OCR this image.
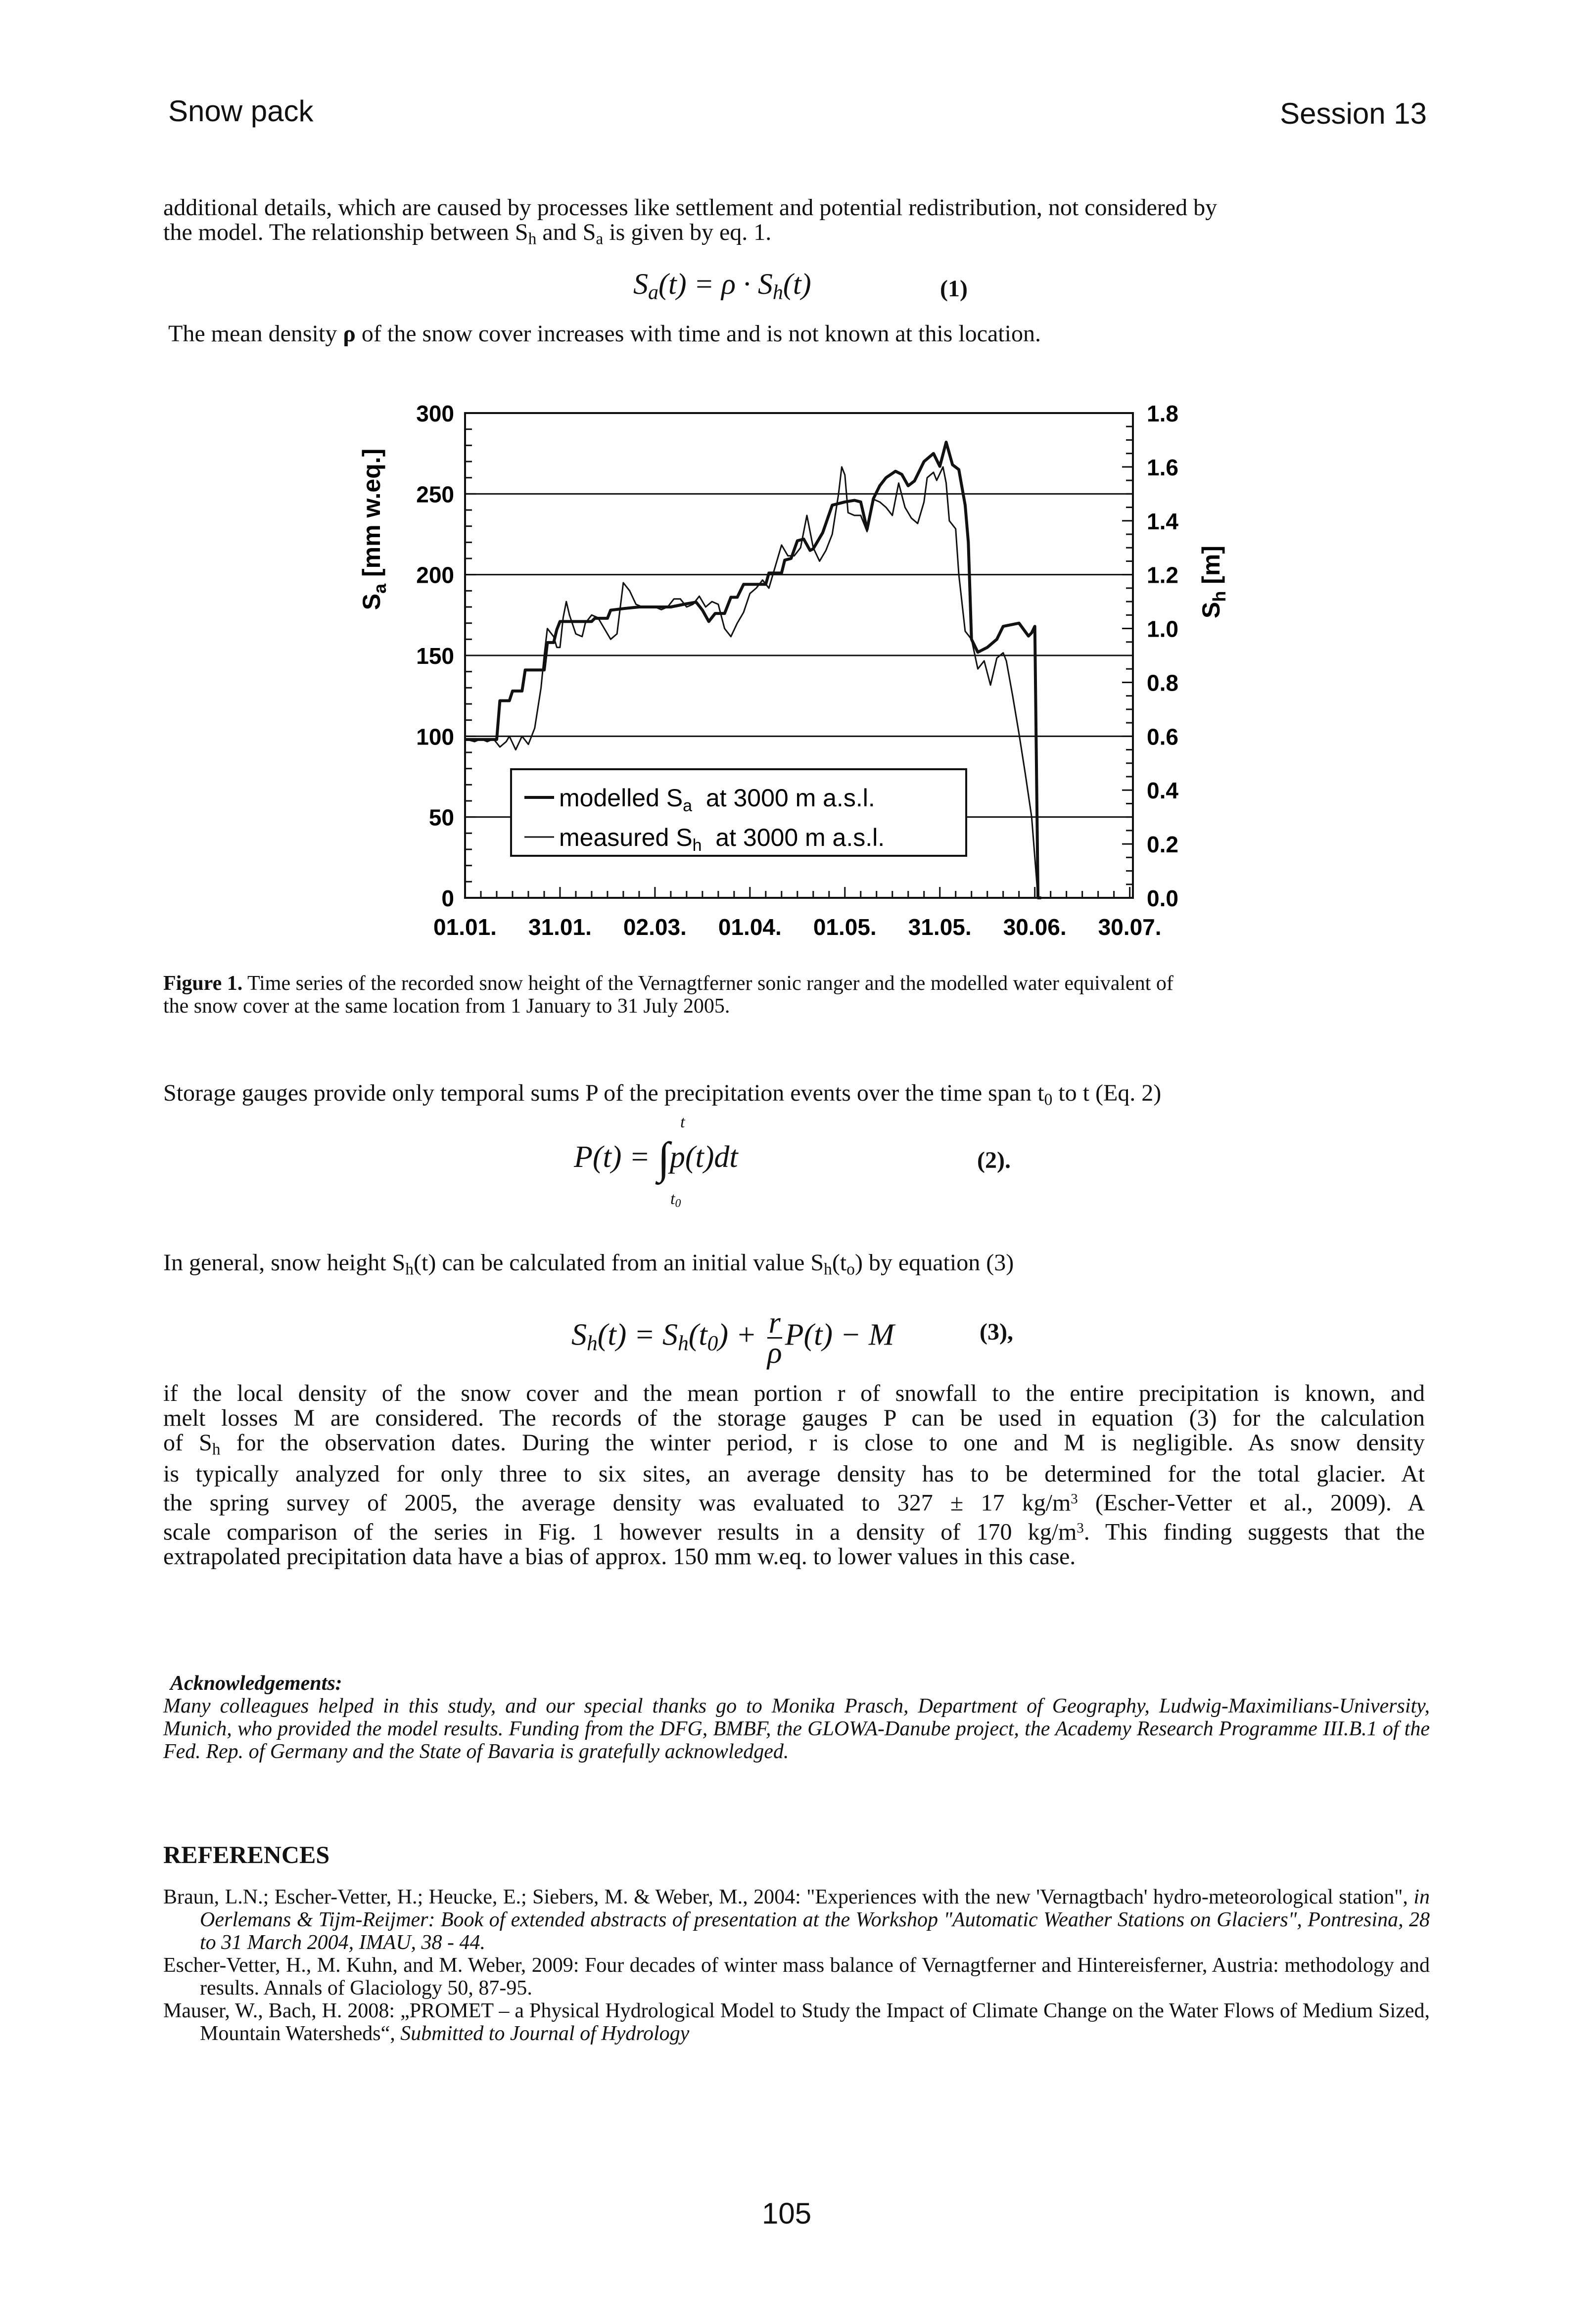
Snow pack	Session 13
additional details, which are caused by processes like settlement and potential redistribution, not considered by
the model. The relationship between $S_h$ and $S_a$ is given by eq. 1.
$S_a(t) = \rho \cdot S_h(t)$	(1)
The mean density ρ of the snow cover increases with time and is not known at this location.
0
50
100
150
200
250
300
0.0
0.2
0.4
0.6
0.8
1.0
1.2
1.4
1.6
1.8
01.01. 31.01. 02.03. 01.04. 01.05. 31.05. 30.06. 30.07.
$S_a$ [mm w.eq.]
$S_h$ [m]
modelled $S_a$  at 3000 m a.s.l.
measured $S_h$  at 3000 m a.s.l.
Figure 1. Time series of the recorded snow height of the Vernagtferner sonic ranger and the modelled water equivalent of
the snow cover at the same location from 1 January to 31 July 2005.
Storage gauges provide only temporal sums P of the precipitation events over the time span $t_0$ to t (Eq. 2)
P(t) = ∫p(t)dt
t
$t_0$
(2).
In general, snow height $S_h(t)$ can be calculated from an initial value $S_h(t_o)$ by equation (3)
$S_h(t) = S_h(t_0) + \frac{r}{\rho} P(t) - M$	(3),
if the local density of the snow cover and the mean portion r of snowfall to the entire precipitation is known, and
melt losses M are considered. The records of the storage gauges P can be used in equation (3) for the calculation
of $S_h$ for the observation dates. During the winter period, r is close to one and M is negligible. As snow density
is typically analyzed for only three to six sites, an average density has to be determined for the total glacier. At
the spring survey of 2005, the average density was evaluated to 327 ± 17 $kg/m^3$ (Escher-Vetter et al., 2009). A
scale comparison of the series in Fig. 1 however results in a density of 170 $kg/m^3$. This finding suggests that the
extrapolated precipitation data have a bias of approx. 150 mm w.eq. to lower values in this case.
Acknowledgements:
Many colleagues helped in this study, and our special thanks go to Monika Prasch, Department of Geography, Ludwig-Maximilians-University, Munich, who provided the model results. Funding from the DFG, BMBF, the GLOWA-Danube project, the Academy Research Programme III.B.1 of the Fed. Rep. of Germany and the State of Bavaria is gratefully acknowledged.
REFERENCES
Braun, L.N.; Escher-Vetter, H.; Heucke, E.; Siebers, M. & Weber, M., 2004: "Experiences with the new 'Vernagtbach' hydro-meteorological station", in Oerlemans & Tijm-Reijmer: Book of extended abstracts of presentation at the Workshop "Automatic Weather Stations on Glaciers", Pontresina, 28 to 31 March 2004, IMAU, 38 - 44.
Escher-Vetter, H., M. Kuhn, and M. Weber, 2009: Four decades of winter mass balance of Vernagtferner and Hintereisferner, Austria: methodology and results. Annals of Glaciology 50, 87-95.
Mauser, W., Bach, H. 2008: „PROMET – a Physical Hydrological Model to Study the Impact of Climate Change on the Water Flows of Medium Sized, Mountain Watersheds“, Submitted to Journal of Hydrology
105
